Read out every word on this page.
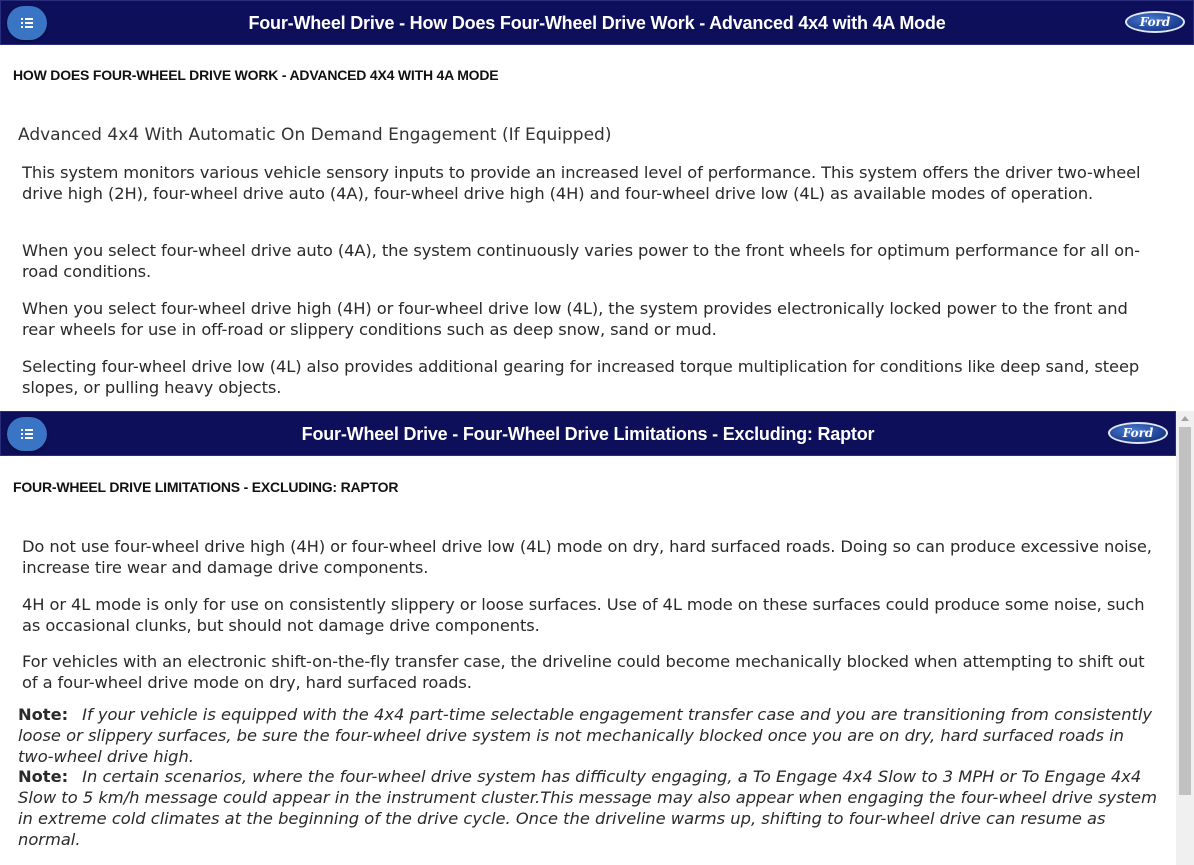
Four-Wheel Drive - How Does Four-Wheel Drive Work - Advanced 4x4 with 4A Mode	Ford
HOW DOES FOUR-WHEEL DRIVE WORK - ADVANCED 4X4 WITH 4A MODE
Advanced 4x4 With Automatic On Demand Engagement (If Equipped)
This system monitors various vehicle sensory inputs to provide an increased level of performance. This system offers the driver two-wheel drive high (2H), four-wheel drive auto (4A), four-wheel drive high (4H) and four-wheel drive low (4L) as available modes of operation.
When you select four-wheel drive auto (4A), the system continuously varies power to the front wheels for optimum performance for all on-road conditions.
When you select four-wheel drive high (4H) or four-wheel drive low (4L), the system provides electronically locked power to the front and rear wheels for use in off-road or slippery conditions such as deep snow, sand or mud.
Selecting four-wheel drive low (4L) also provides additional gearing for increased torque multiplication for conditions like deep sand, steep slopes, or pulling heavy objects.
Four-Wheel Drive - Four-Wheel Drive Limitations - Excluding: Raptor	Ford
FOUR-WHEEL DRIVE LIMITATIONS - EXCLUDING: RAPTOR
Do not use four-wheel drive high (4H) or four-wheel drive low (4L) mode on dry, hard surfaced roads. Doing so can produce excessive noise, increase tire wear and damage drive components.
4H or 4L mode is only for use on consistently slippery or loose surfaces. Use of 4L mode on these surfaces could produce some noise, such as occasional clunks, but should not damage drive components.
For vehicles with an electronic shift-on-the-fly transfer case, the driveline could become mechanically blocked when attempting to shift out of a four-wheel drive mode on dry, hard surfaced roads.
Note: If your vehicle is equipped with the 4x4 part-time selectable engagement transfer case and you are transitioning from consistently loose or slippery surfaces, be sure the four-wheel drive system is not mechanically blocked once you are on dry, hard surfaced roads in two-wheel drive high.
Note: In certain scenarios, where the four-wheel drive system has difficulty engaging, a To Engage 4x4 Slow to 3 MPH or To Engage 4x4 Slow to 5 km/h message could appear in the instrument cluster.This message may also appear when engaging the four-wheel drive system in extreme cold climates at the beginning of the drive cycle. Once the driveline warms up, shifting to four-wheel drive can resume as normal.
